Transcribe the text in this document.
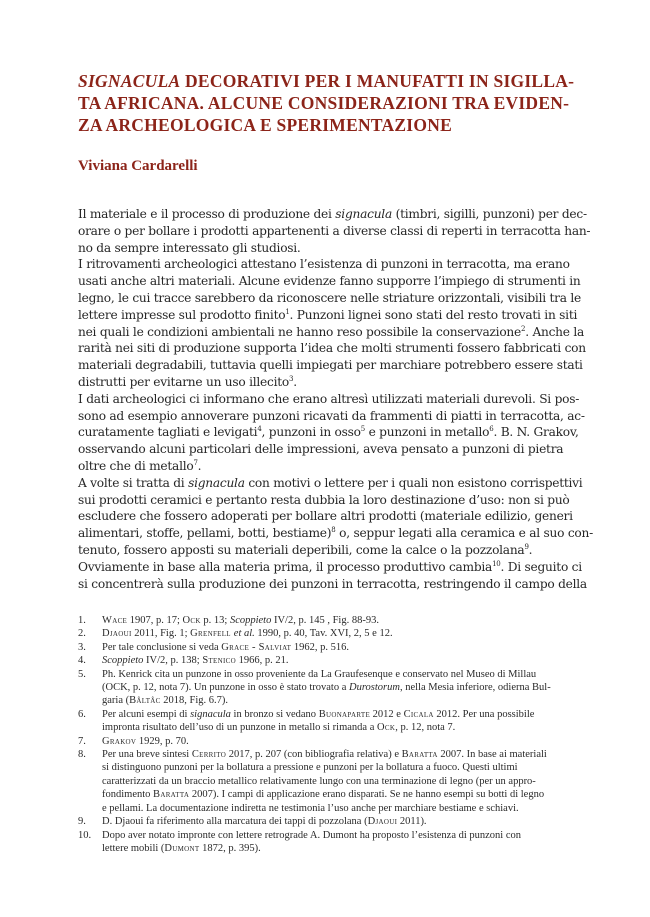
SIGNACULA DECORATIVI PER I MANUFATTI IN SIGILLA-
TA AFRICANA. ALCUNE CONSIDERAZIONI TRA EVIDEN-
ZA ARCHEOLOGICA E SPERIMENTAZIONE
Viviana Cardarelli
Il materiale e il processo di produzione dei signacula (timbri, sigilli, punzoni) per dec-
orare o per bollare i prodotti appartenenti a diverse classi di reperti in terracotta han-
no da sempre interessato gli studiosi.
I ritrovamenti archeologici attestano l’esistenza di punzoni in terracotta, ma erano
usati anche altri materiali. Alcune evidenze fanno supporre l’impiego di strumenti in
legno, le cui tracce sarebbero da riconoscere nelle striature orizzontali, visibili tra le
lettere impresse sul prodotto finito$^1$. Punzoni lignei sono stati del resto trovati in siti
nei quali le condizioni ambientali ne hanno reso possibile la conservazione$^2$. Anche la
rarità nei siti di produzione supporta l’idea che molti strumenti fossero fabbricati con
materiali degradabili, tuttavia quelli impiegati per marchiare potrebbero essere stati
distrutti per evitarne un uso illecito$^3$.
I dati archeologici ci informano che erano altresì utilizzati materiali durevoli. Si pos-
sono ad esempio annoverare punzoni ricavati da frammenti di piatti in terracotta, ac-
curatamente tagliati e levigati$^4$, punzoni in osso$^5$ e punzoni in metallo$^6$. B. N. Grakov,
osservando alcuni particolari delle impressioni, aveva pensato a punzoni di pietra
oltre che di metallo$^7$.
A volte si tratta di signacula con motivi o lettere per i quali non esistono corrispettivi
sui prodotti ceramici e pertanto resta dubbia la loro destinazione d’uso: non si può
escludere che fossero adoperati per bollare altri prodotti (materiale edilizio, generi
alimentari, stoffe, pellami, botti, bestiame)$^8$ o, seppur legati alla ceramica e al suo con-
tenuto, fossero apposti su materiali deperibili, come la calce o la pozzolana$^9$.
Ovviamente in base alla materia prima, il processo produttivo cambia$^{10}$. Di seguito ci
si concentrerà sulla produzione dei punzoni in terracotta, restringendo il campo della
1.	Wace 1907, p. 17; Ock p. 13; Scoppieto IV/2, p. 145 , Fig. 88-93.
2.	Djaoui 2011, Fig. 1; Grenfell et al. 1990, p. 40, Tav. XVI, 2, 5 e 12.
3.	Per tale conclusione si veda Grace - Salviat 1962, p. 516.
4.	Scoppieto IV/2, p. 138; Stenico 1966, p. 21.
5.	Ph. Kenrick cita un punzone in osso proveniente da La Graufesenque e conservato nel Museo di Millau
(OCK, p. 12, nota 7). Un punzone in osso è stato trovato a Durostorum, nella Mesia inferiore, odierna Bul-
garia (Bâltâc 2018, Fig. 6.7).
6.	Per alcuni esempi di signacula in bronzo si vedano Buonaparte 2012 e Cicala 2012. Per una possibile
impronta risultato dell’uso di un punzone in metallo si rimanda a Ock, p. 12, nota 7.
7.	Grakov 1929, p. 70.
8.	Per una breve sintesi Cerrito 2017, p. 207 (con bibliografia relativa) e Baratta 2007. In base ai materiali
si distinguono punzoni per la bollatura a pressione e punzoni per la bollatura a fuoco. Questi ultimi
caratterizzati da un braccio metallico relativamente lungo con una terminazione di legno (per un appro-
fondimento Baratta 2007). I campi di applicazione erano disparati. Se ne hanno esempi su botti di legno
e pellami. La documentazione indiretta ne testimonia l’uso anche per marchiare bestiame e schiavi.
9.	D. Djaoui fa riferimento alla marcatura dei tappi di pozzolana (Djaoui 2011).
10.	Dopo aver notato impronte con lettere retrograde A. Dumont ha proposto l’esistenza di punzoni con
lettere mobili (Dumont 1872, p. 395).
